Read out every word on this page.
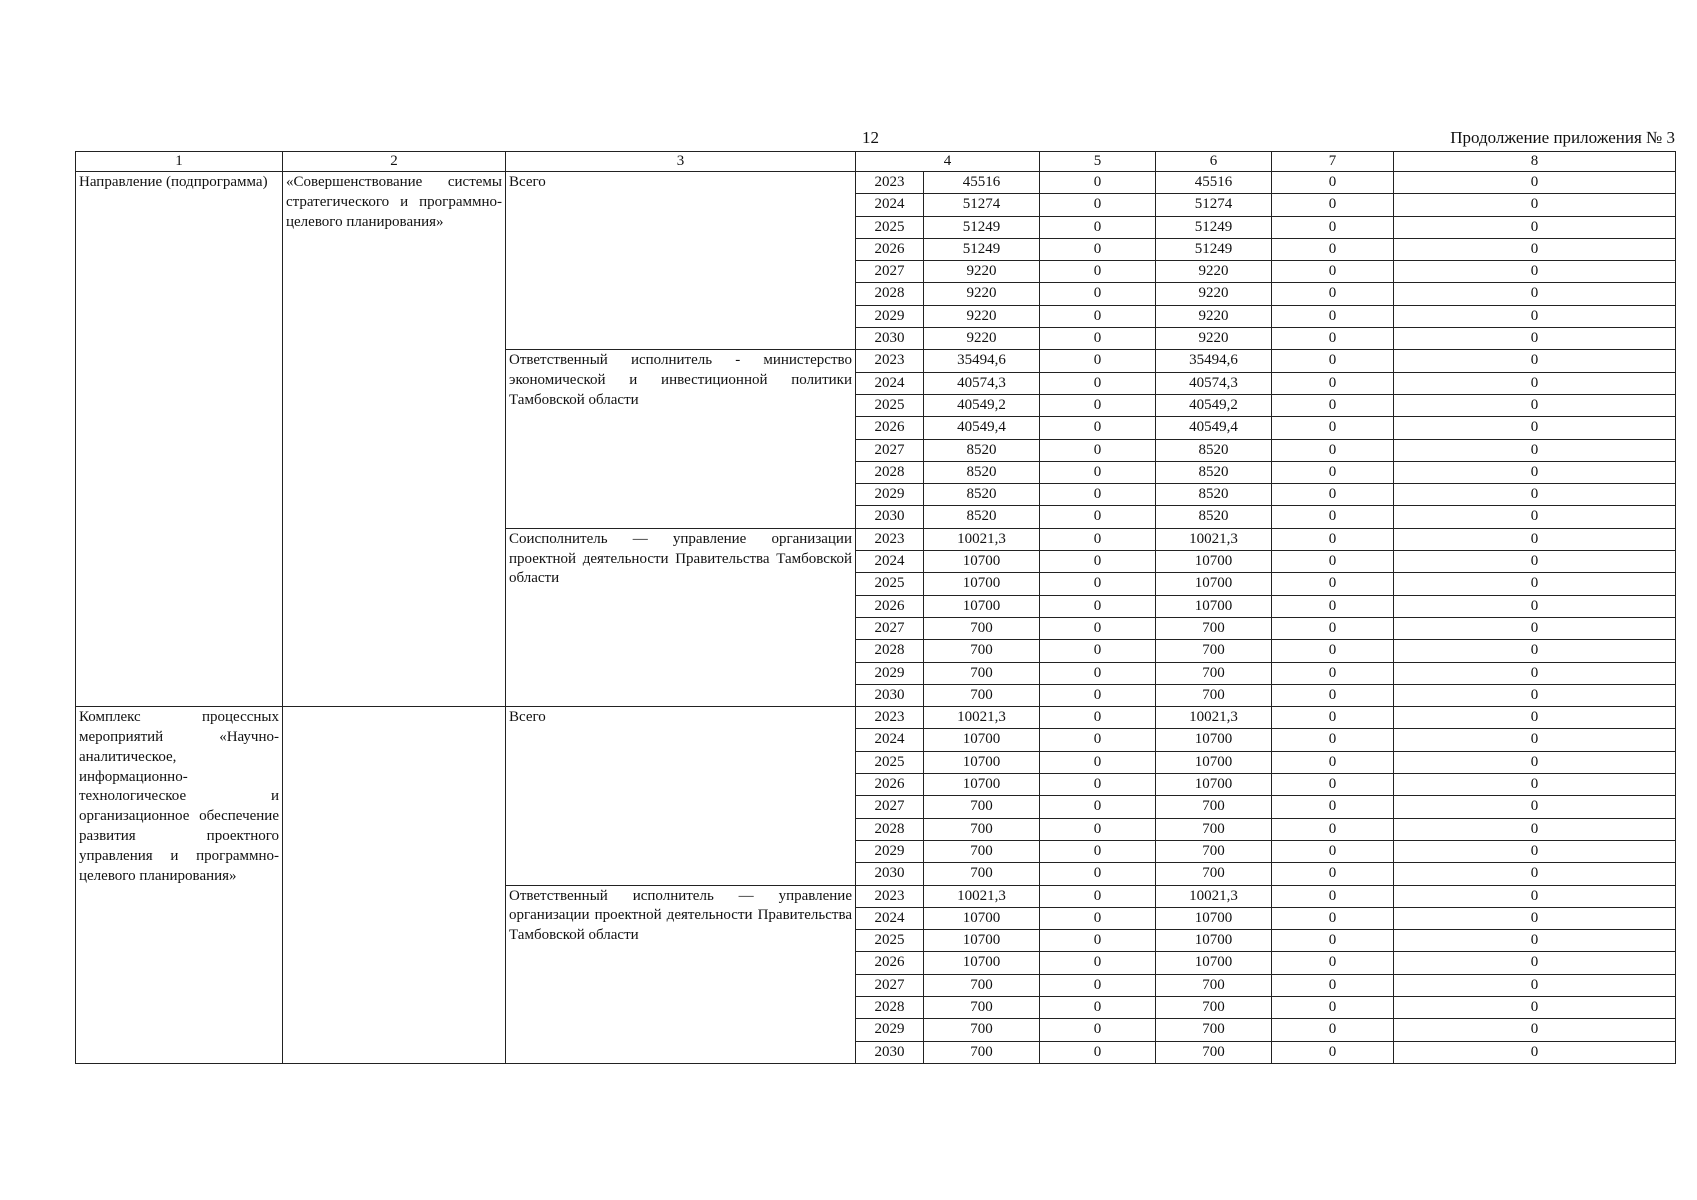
12	Продолжение приложения № 3
1	2	3	4		5	6	7	8
Направление (подпрограмма)	«Совершенствование системы стратегического и программно-целевого планирования»	Всего	2023	45516	0	45516	0	0
			2024	51274	0	51274	0	0
			2025	51249	0	51249	0	0
			2026	51249	0	51249	0	0
			2027	9220	0	9220	0	0
			2028	9220	0	9220	0	0
			2029	9220	0	9220	0	0
			2030	9220	0	9220	0	0
		Ответственный исполнитель - министерство экономической и инвестиционной политики Тамбовской области	2023	35494,6	0	35494,6	0	0
			2024	40574,3	0	40574,3	0	0
			2025	40549,2	0	40549,2	0	0
			2026	40549,4	0	40549,4	0	0
			2027	8520	0	8520	0	0
			2028	8520	0	8520	0	0
			2029	8520	0	8520	0	0
			2030	8520	0	8520	0	0
		Соисполнитель — управление организации проектной деятельности Правительства Тамбовской области	2023	10021,3	0	10021,3	0	0
			2024	10700	0	10700	0	0
			2025	10700	0	10700	0	0
			2026	10700	0	10700	0	0
			2027	700	0	700	0	0
			2028	700	0	700	0	0
			2029	700	0	700	0	0
			2030	700	0	700	0	0
Комплекс процессных мероприятий «Научно-аналитическое, информационно-технологическое и организационное обеспечение развития проектного управления и программно-целевого планирования»		Всего	2023	10021,3	0	10021,3	0	0
			2024	10700	0	10700	0	0
			2025	10700	0	10700	0	0
			2026	10700	0	10700	0	0
			2027	700	0	700	0	0
			2028	700	0	700	0	0
			2029	700	0	700	0	0
			2030	700	0	700	0	0
		Ответственный исполнитель — управление организации проектной деятельности Правительства Тамбовской области	2023	10021,3	0	10021,3	0	0
			2024	10700	0	10700	0	0
			2025	10700	0	10700	0	0
			2026	10700	0	10700	0	0
			2027	700	0	700	0	0
			2028	700	0	700	0	0
			2029	700	0	700	0	0
			2030	700	0	700	0	0
